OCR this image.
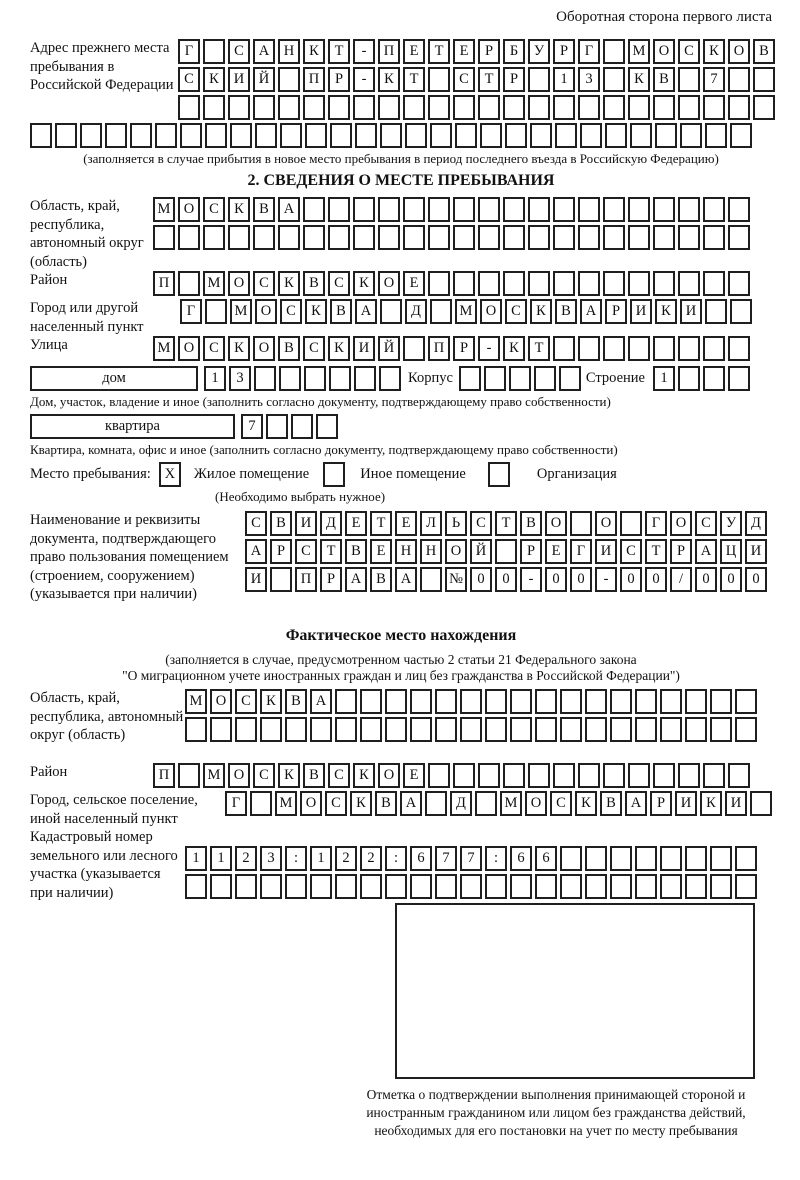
Оборотная сторона первого листа
Адрес прежнего места пребывания в Российской Федерации
Г	С А Н К Т - П Е Т Е Р Б У Р Г	М О С К О В
С К И Й	П Р - К Т	С Т Р	1 3	К В	7
(заполняется в случае прибытия в новое место пребывания в период последнего въезда в Российскую Федерацию)
2. СВЕДЕНИЯ О МЕСТЕ ПРЕБЫВАНИЯ
Область, край, республика, автономный округ (область)
М О С К В А
Район	П	М О С К В С К О Е
Город или другой населенный пункт
Г	М О С К В А	Д	М О С К В А Р И К И
Улица	М О С К О В С К И Й	П Р - К Т
дом	1 3	Корпус	Строение 1
Дом, участок, владение и иное (заполнить согласно документу, подтверждающему право собственности)
квартира	7
Квартира, комната, офис и иное (заполнить согласно документу, подтверждающему право собственности)
Место пребывания: X	Жилое помещение	Иное помещение	Организация
(Необходимо выбрать нужное)
Наименование и реквизиты документа, подтверждающего право пользования помещением (строением, сооружением) (указывается при наличии)
С В И Д Е Т Е Л Ь С Т В О	О	Г О С У Д
А Р С Т В Е Н Н О Й	Р Е Г И С Т Р А Ц И
И	П Р А В А	№ 0 0 - 0 0 - 0 0 / 0 0 0
Фактическое место нахождения
(заполняется в случае, предусмотренном частью 2 статьи 21 Федерального закона
"О миграционном учете иностранных граждан и лиц без гражданства в Российской Федерации")
Область, край, республика, автономный округ (область)
М О С К В А
Район	П	М О С К В С К О Е
Город, сельское поселение, иной населенный пункт
Г	М О С К В А	Д	М О С К В А Р И К И
Кадастровый номер земельного или лесного участка (указывается при наличии)
1 1 2 3 : 1 2 2 : 6 7 7 : 6 6
Отметка о подтверждении выполнения принимающей стороной и иностранным гражданином или лицом без гражданства действий, необходимых для его постановки на учет по месту пребывания
